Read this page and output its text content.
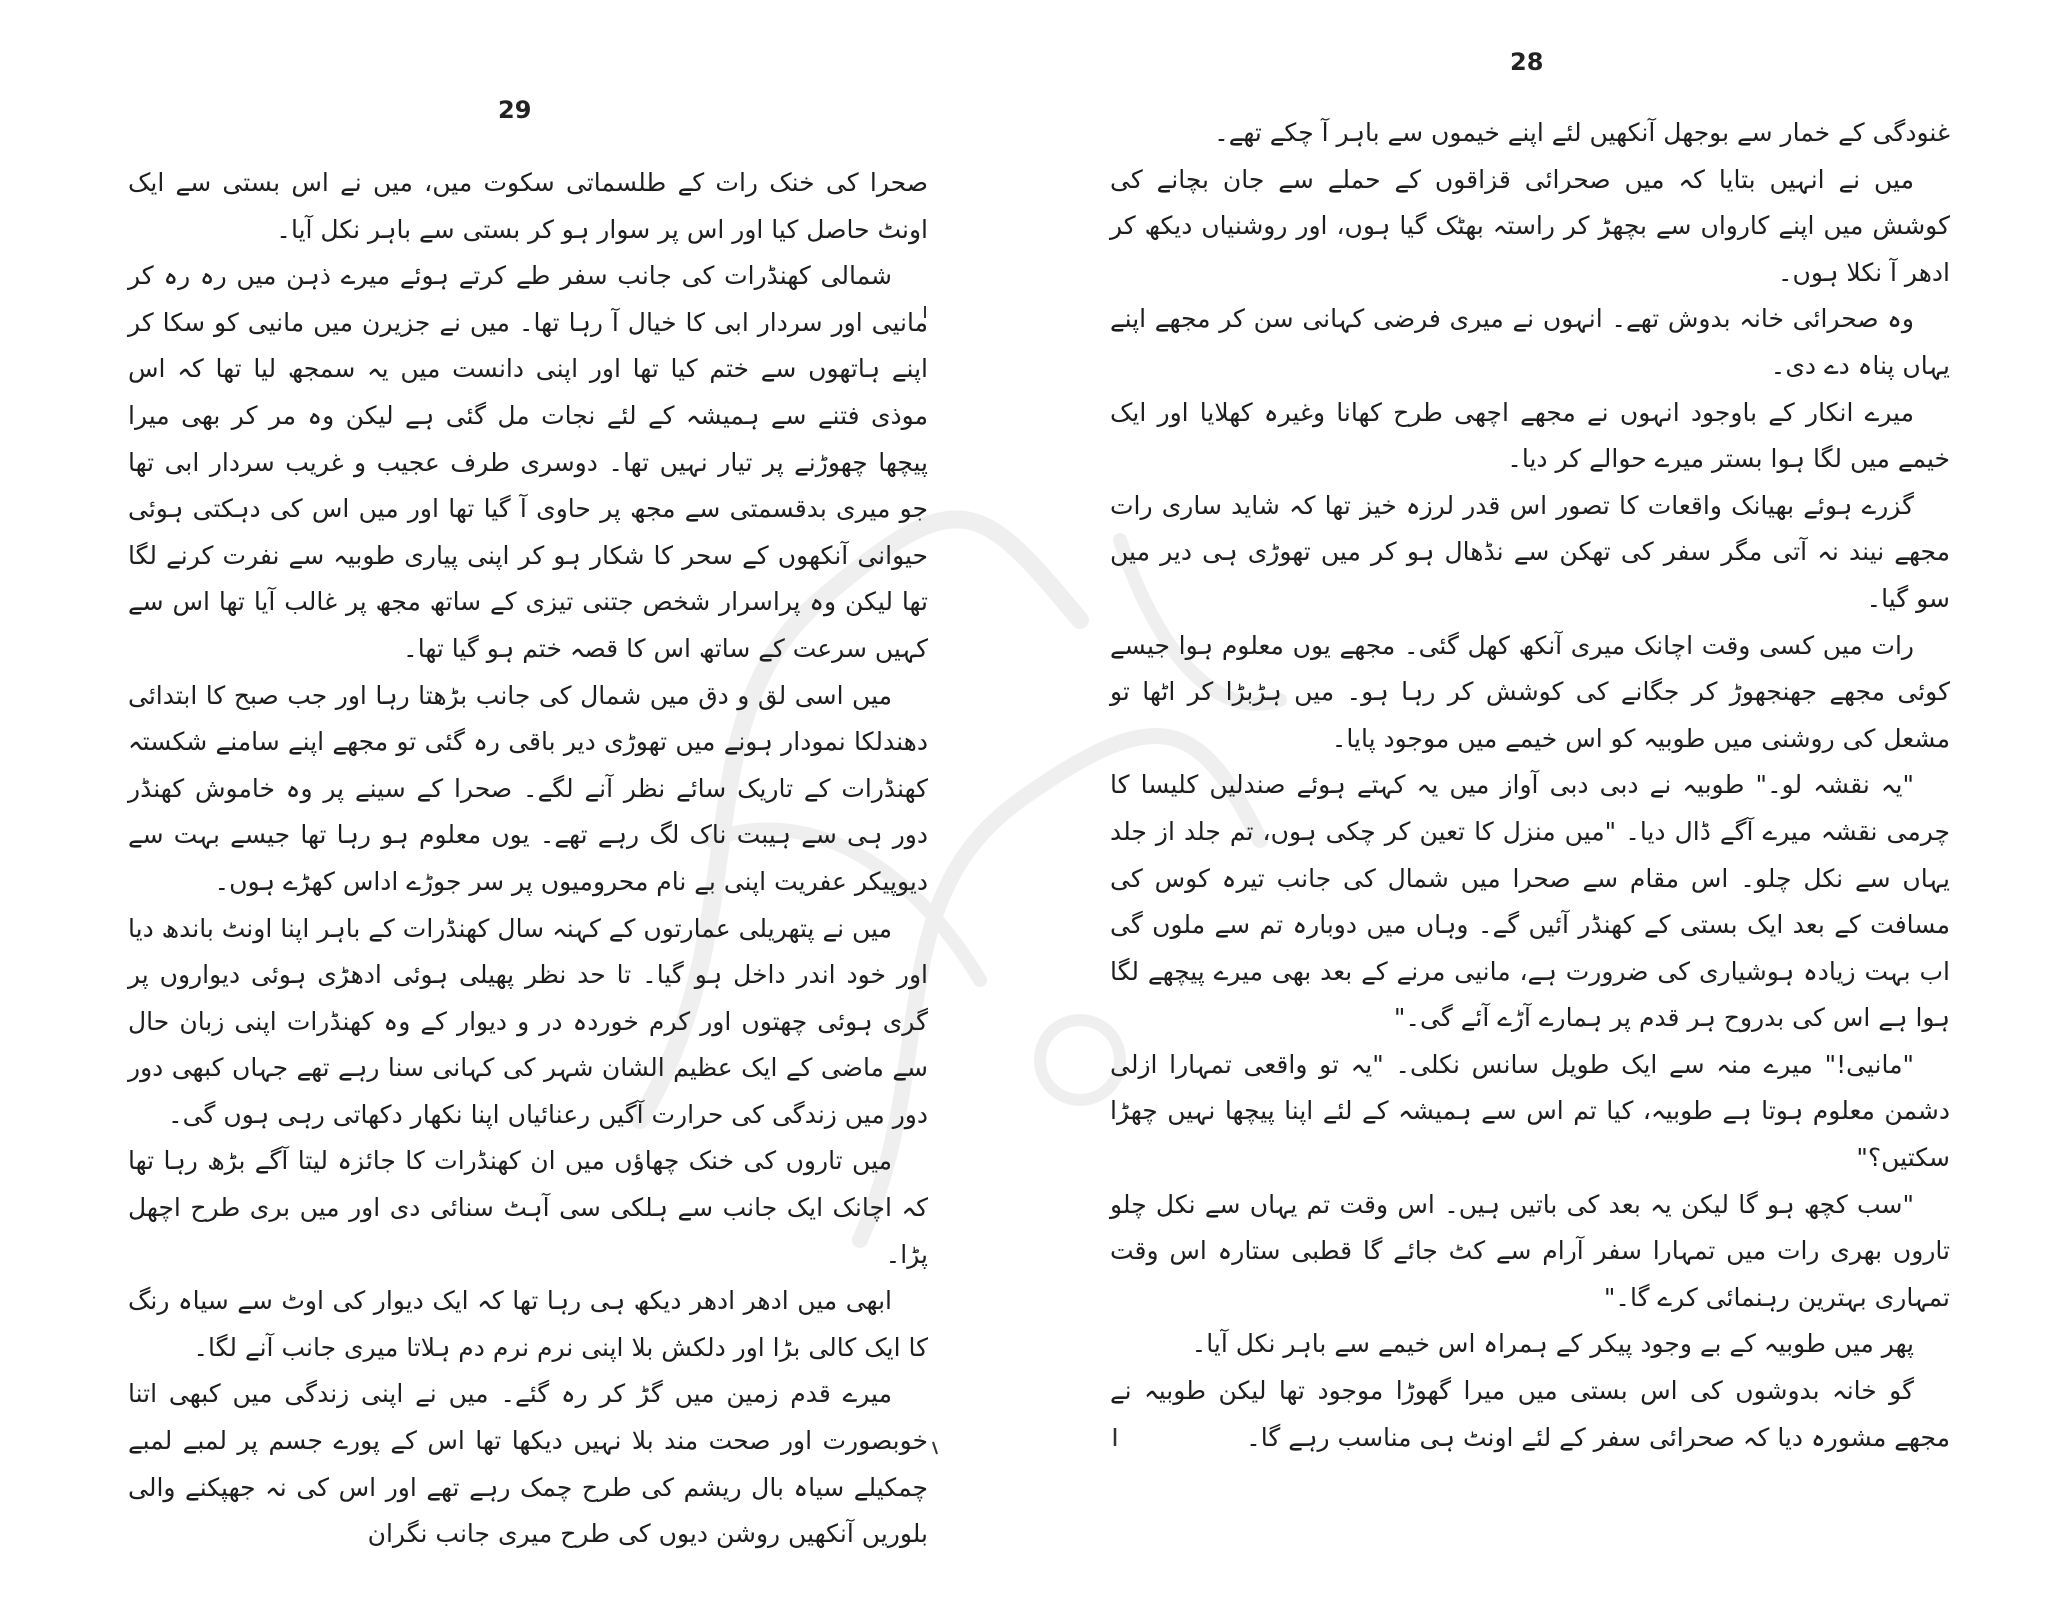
29

صحرا کی خنک رات کے طلسماتی سکوت میں، میں نے اس بستی سے ایک اونٹ حاصل کیا اور اس پر سوار ہو کر بستی سے باہر نکل آیا۔

شمالی کھنڈرات کی جانب سفر طے کرتے ہوئے میرے ذہن میں رہ رہ کر مانیی اور سردار ابی کا خیال آ رہا تھا۔ میں نے جزیرن میں مانیی کو سکا کر اپنے ہاتھوں سے ختم کیا تھا اور اپنی دانست میں یہ سمجھ لیا تھا کہ اس موذی فتنے سے ہمیشہ کے لئے نجات مل گئی ہے لیکن وہ مر کر بھی میرا پیچھا چھوڑنے پر تیار نہیں تھا۔ دوسری طرف عجیب و غریب سردار ابی تھا جو میری بدقسمتی سے مجھ پر حاوی آ گیا تھا اور میں اس کی دہکتی ہوئی حیوانی آنکھوں کے سحر کا شکار ہو کر اپنی پیاری طوبیہ سے نفرت کرنے لگا تھا لیکن وہ پراسرار شخص جتنی تیزی کے ساتھ مجھ پر غالب آیا تھا اس سے کہیں سرعت کے ساتھ اس کا قصہ ختم ہو گیا تھا۔

میں اسی لق و دق میں شمال کی جانب بڑھتا رہا اور جب صبح کا ابتدائی دھندلکا نمودار ہونے میں تھوڑی دیر باقی رہ گئی تو مجھے اپنے سامنے شکستہ کھنڈرات کے تاریک سائے نظر آنے لگے۔ صحرا کے سینے پر وہ خاموش کھنڈر دور ہی سے ہیبت ناک لگ رہے تھے۔ یوں معلوم ہو رہا تھا جیسے بہت سے دیوپیکر عفریت اپنی بے نام محرومیوں پر سر جوڑے اداس کھڑے ہوں۔

میں نے پتھریلی عمارتوں کے کہنہ سال کھنڈرات کے باہر اپنا اونٹ باندھ دیا اور خود اندر داخل ہو گیا۔ تا حد نظر پھیلی ہوئی ادھڑی ہوئی دیواروں پر گری ہوئی چھتوں اور کرم خوردہ در و دیوار کے وہ کھنڈرات اپنی زبان حال سے ماضی کے ایک عظیم الشان شہر کی کہانی سنا رہے تھے جہاں کبھی دور دور میں زندگی کی حرارت آگیں رعنائیاں اپنا نکھار دکھاتی رہی ہوں گی۔

میں تاروں کی خنک چھاؤں میں ان کھنڈرات کا جائزہ لیتا آگے بڑھ رہا تھا کہ اچانک ایک جانب سے ہلکی سی آہٹ سنائی دی اور میں بری طرح اچھل پڑا۔

ابھی میں ادھر ادھر دیکھ ہی رہا تھا کہ ایک دیوار کی اوٹ سے سیاہ رنگ کا ایک کالی بڑا اور دلکش بلا اپنی نرم نرم دم ہلاتا میری جانب آنے لگا۔

میرے قدم زمین میں گڑ کر رہ گئے۔ میں نے اپنی زندگی میں کبھی اتنا خوبصورت اور صحت مند بلا نہیں دیکھا تھا اس کے پورے جسم پر لمبے لمبے چمکیلے سیاہ بال ریشم کی طرح چمک رہے تھے اور اس کی نہ جھپکنے والی بلوریں آنکھیں روشن دیوں کی طرح میری جانب نگران

28

غنودگی کے خمار سے بوجھل آنکھیں لئے اپنے خیموں سے باہر آ چکے تھے۔

میں نے انہیں بتایا کہ میں صحرائی قزاقوں کے حملے سے جان بچانے کی کوشش میں اپنے کارواں سے بچھڑ کر راستہ بھٹک گیا ہوں، اور روشنیاں دیکھ کر ادھر آ نکلا ہوں۔

وہ صحرائی خانہ بدوش تھے۔ انہوں نے میری فرضی کہانی سن کر مجھے اپنے یہاں پناہ دے دی۔

میرے انکار کے باوجود انہوں نے مجھے اچھی طرح کھانا وغیرہ کھلایا اور ایک خیمے میں لگا ہوا بستر میرے حوالے کر دیا۔

گزرے ہوئے بھیانک واقعات کا تصور اس قدر لرزہ خیز تھا کہ شاید ساری رات مجھے نیند نہ آتی مگر سفر کی تھکن سے نڈھال ہو کر میں تھوڑی ہی دیر میں سو گیا۔

رات میں کسی وقت اچانک میری آنکھ کھل گئی۔ مجھے یوں معلوم ہوا جیسے کوئی مجھے جھنجھوڑ کر جگانے کی کوشش کر رہا ہو۔ میں ہڑبڑا کر اٹھا تو مشعل کی روشنی میں طوبیہ کو اس خیمے میں موجود پایا۔

"یہ نقشہ لو۔" طوبیہ نے دبی دبی آواز میں یہ کہتے ہوئے صندلیں کلیسا کا چرمی نقشہ میرے آگے ڈال دیا۔ "میں منزل کا تعین کر چکی ہوں، تم جلد از جلد یہاں سے نکل چلو۔ اس مقام سے صحرا میں شمال کی جانب تیرہ کوس کی مسافت کے بعد ایک بستی کے کھنڈر آئیں گے۔ وہاں میں دوبارہ تم سے ملوں گی اب بہت زیادہ ہوشیاری کی ضرورت ہے، مانیی مرنے کے بعد بھی میرے پیچھے لگا ہوا ہے اس کی بدروح ہر قدم پر ہمارے آڑے آئے گی۔"

"مانیی!" میرے منہ سے ایک طویل سانس نکلی۔ "یہ تو واقعی تمہارا ازلی دشمن معلوم ہوتا ہے طوبیہ، کیا تم اس سے ہمیشہ کے لئے اپنا پیچھا نہیں چھڑا سکتیں؟"

"سب کچھ ہو گا لیکن یہ بعد کی باتیں ہیں۔ اس وقت تم یہاں سے نکل چلو تاروں بھری رات میں تمہارا سفر آرام سے کٹ جائے گا قطبی ستارہ اس وقت تمہاری بہترین رہنمائی کرے گا۔"

پھر میں طوبیہ کے بے وجود پیکر کے ہمراہ اس خیمے سے باہر نکل آیا۔

گو خانہ بدوشوں کی اس بستی میں میرا گھوڑا موجود تھا لیکن طوبیہ نے مجھے مشورہ دیا کہ صحرائی سفر کے لئے اونٹ ہی مناسب رہے گا۔
